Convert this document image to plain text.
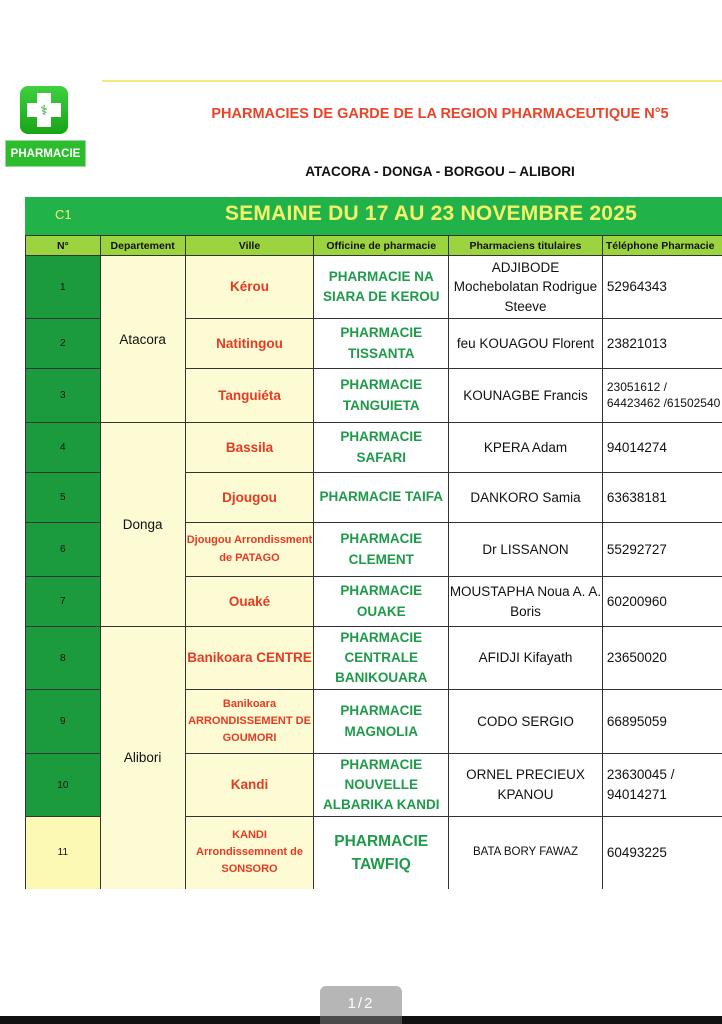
⚕
PHARMACIE
PHARMACIES DE GARDE DE LA REGION PHARMACEUTIQUE N°5
ATACORA - DONGA - BORGOU – ALIBORI
C1	SEMAINE DU 17 AU 23 NOVEMBRE 2025
N°	Departement	Ville	Officine de pharmacie	Pharmaciens titulaires	Téléphone Pharmacie
1	Atacora	Kérou	PHARMACIE NA SIARA DE KEROU	ADJIBODE Mochebolatan Rodrigue Steeve	52964343
2		Natitingou	PHARMACIE TISSANTA	feu KOUAGOU Florent	23821013
3		Tanguiéta	PHARMACIE TANGUIETA	KOUNAGBE Francis	23051612 / 64423462 /61502540
4	Donga	Bassila	PHARMACIE SAFARI	KPERA Adam	94014274
5		Djougou	PHARMACIE TAIFA	DANKORO Samia	63638181
6		Djougou Arrondissment de PATAGO	PHARMACIE CLEMENT	Dr LISSANON	55292727
7		Ouaké	PHARMACIE OUAKE	MOUSTAPHA Noua A. A. Boris	60200960
8	Alibori	Banikoara CENTRE	PHARMACIE CENTRALE BANIKOUARA	AFIDJI Kifayath	23650020
9		Banikoara ARRONDISSEMENT DE GOUMORI	PHARMACIE MAGNOLIA	CODO SERGIO	66895059
10		Kandi	PHARMACIE NOUVELLE ALBARIKA KANDI	ORNEL PRECIEUX KPANOU	23630045 / 94014271
11		KANDI Arrondissemnent de SONSORO	PHARMACIE TAWFIQ	BATA BORY FAWAZ	60493225
1/2
